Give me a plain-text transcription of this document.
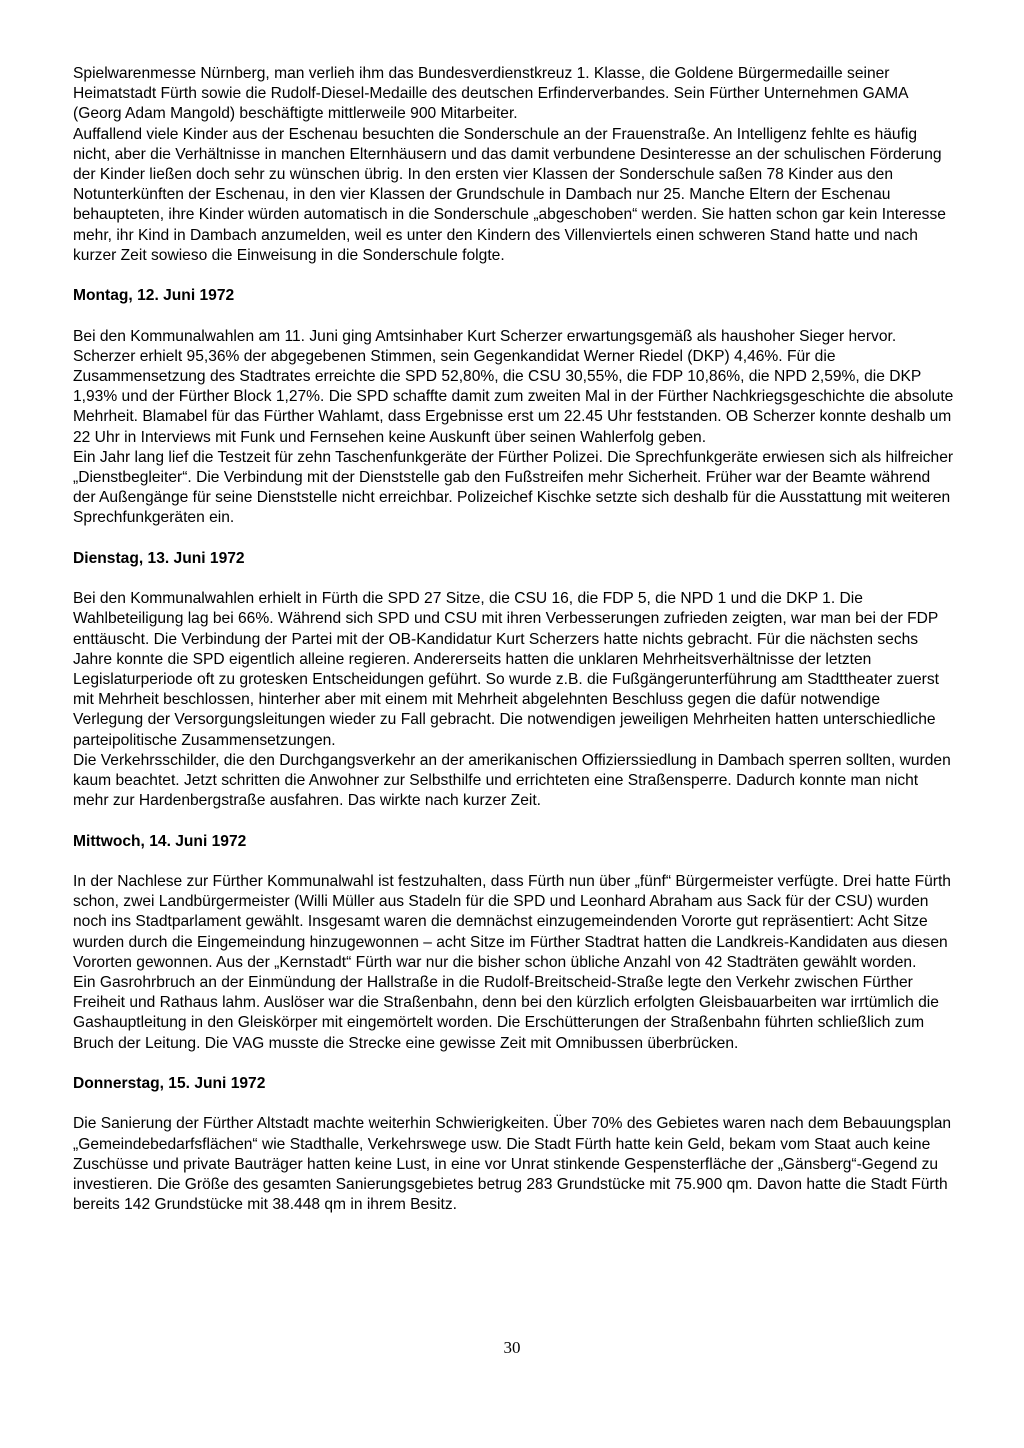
Spielwarenmesse Nürnberg, man verlieh ihm das Bundesverdienstkreuz 1. Klasse, die Goldene Bürgermedaille seiner Heimatstadt Fürth sowie die Rudolf-Diesel-Medaille des deutschen Erfinderverbandes. Sein Fürther Unternehmen GAMA (Georg Adam Mangold) beschäftigte mittlerweile 900 Mitarbeiter.

Auffallend viele Kinder aus der Eschenau besuchten die Sonderschule an der Frauenstraße. An Intelligenz fehlte es häufig nicht, aber die Verhältnisse in manchen Elternhäusern und das damit verbundene Desinteresse an der schulischen Förderung der Kinder ließen doch sehr zu wünschen übrig. In den ersten vier Klassen der Sonderschule saßen 78 Kinder aus den Notunterkünften der Eschenau, in den vier Klassen der Grundschule in Dambach nur 25. Manche Eltern der Eschenau behaupteten, ihre Kinder würden automatisch in die Sonderschule „abgeschoben“ werden. Sie hatten schon gar kein Interesse mehr, ihr Kind in Dambach anzumelden, weil es unter den Kindern des Villenviertels einen schweren Stand hatte und nach kurzer Zeit sowieso die Einweisung in die Sonderschule folgte.

Montag, 12. Juni 1972

Bei den Kommunalwahlen am 11. Juni ging Amtsinhaber Kurt Scherzer erwartungsgemäß als haushoher Sieger hervor. Scherzer erhielt 95,36% der abgegebenen Stimmen, sein Gegenkandidat Werner Riedel (DKP) 4,46%. Für die Zusammensetzung des Stadtrates erreichte die SPD 52,80%, die CSU 30,55%, die FDP 10,86%, die NPD 2,59%, die DKP 1,93% und der Fürther Block 1,27%. Die SPD schaffte damit zum zweiten Mal in der Fürther Nachkriegsgeschichte die absolute Mehrheit. Blamabel für das Fürther Wahlamt, dass Ergebnisse erst um 22.45 Uhr feststanden. OB Scherzer konnte deshalb um 22 Uhr in Interviews mit Funk und Fernsehen keine Auskunft über seinen Wahlerfolg geben.

Ein Jahr lang lief die Testzeit für zehn Taschenfunkgeräte der Fürther Polizei. Die Sprechfunkgeräte erwiesen sich als hilfreicher „Dienstbegleiter“. Die Verbindung mit der Dienststelle gab den Fußstreifen mehr Sicherheit. Früher war der Beamte während der Außengänge für seine Dienststelle nicht erreichbar. Polizeichef Kischke setzte sich deshalb für die Ausstattung mit weiteren Sprechfunkgeräten ein.

Dienstag, 13. Juni 1972

Bei den Kommunalwahlen erhielt in Fürth die SPD 27 Sitze, die CSU 16, die FDP 5, die NPD 1 und die DKP 1. Die Wahlbeteiligung lag bei 66%. Während sich SPD und CSU mit ihren Verbesserungen zufrieden zeigten, war man bei der FDP enttäuscht. Die Verbindung der Partei mit der OB-Kandidatur Kurt Scherzers hatte nichts gebracht. Für die nächsten sechs Jahre konnte die SPD eigentlich alleine regieren. Andererseits hatten die unklaren Mehrheitsverhältnisse der letzten Legislaturperiode oft zu grotesken Entscheidungen geführt. So wurde z.B. die Fußgängerunterführung am Stadttheater zuerst mit Mehrheit beschlossen, hinterher aber mit einem mit Mehrheit abgelehnten Beschluss gegen die dafür notwendige Verlegung der Versorgungsleitungen wieder zu Fall gebracht. Die notwendigen jeweiligen Mehrheiten hatten unterschiedliche parteipolitische Zusammensetzungen.

Die Verkehrsschilder, die den Durchgangsverkehr an der amerikanischen Offizierssiedlung in Dambach sperren sollten, wurden kaum beachtet. Jetzt schritten die Anwohner zur Selbsthilfe und errichteten eine Straßensperre. Dadurch konnte man nicht mehr zur Hardenbergstraße ausfahren. Das wirkte nach kurzer Zeit.

Mittwoch, 14. Juni 1972

In der Nachlese zur Fürther Kommunalwahl ist festzuhalten, dass Fürth nun über „fünf“ Bürgermeister verfügte. Drei hatte Fürth schon, zwei Landbürgermeister (Willi Müller aus Stadeln für die SPD und Leonhard Abraham aus Sack für der CSU) wurden noch ins Stadtparlament gewählt. Insgesamt waren die demnächst einzugemeindenden Vororte gut repräsentiert: Acht Sitze wurden durch die Eingemeindung hinzugewonnen – acht Sitze im Fürther Stadtrat hatten die Landkreis-Kandidaten aus diesen Vororten gewonnen. Aus der „Kernstadt“ Fürth war nur die bisher schon übliche Anzahl von 42 Stadträten gewählt worden.

Ein Gasrohrbruch an der Einmündung der Hallstraße in die Rudolf-Breitscheid-Straße legte den Verkehr zwischen Fürther Freiheit und Rathaus lahm. Auslöser war die Straßenbahn, denn bei den kürzlich erfolgten Gleisbauarbeiten war irrtümlich die Gashauptleitung in den Gleiskörper mit eingemörtelt worden. Die Erschütterungen der Straßenbahn führten schließlich zum Bruch der Leitung. Die VAG musste die Strecke eine gewisse Zeit mit Omnibussen überbrücken.

Donnerstag, 15. Juni 1972

Die Sanierung der Fürther Altstadt machte weiterhin Schwierigkeiten. Über 70% des Gebietes waren nach dem Bebauungsplan „Gemeindebedarfsflächen“ wie Stadthalle, Verkehrswege usw. Die Stadt Fürth hatte kein Geld, bekam vom Staat auch keine Zuschüsse und private Bauträger hatten keine Lust, in eine vor Unrat stinkende Gespensterfläche der „Gänsberg“-Gegend zu investieren. Die Größe des gesamten Sanierungsgebietes betrug 283 Grundstücke mit 75.900 qm. Davon hatte die Stadt Fürth bereits 142 Grundstücke mit 38.448 qm in ihrem Besitz.

30
